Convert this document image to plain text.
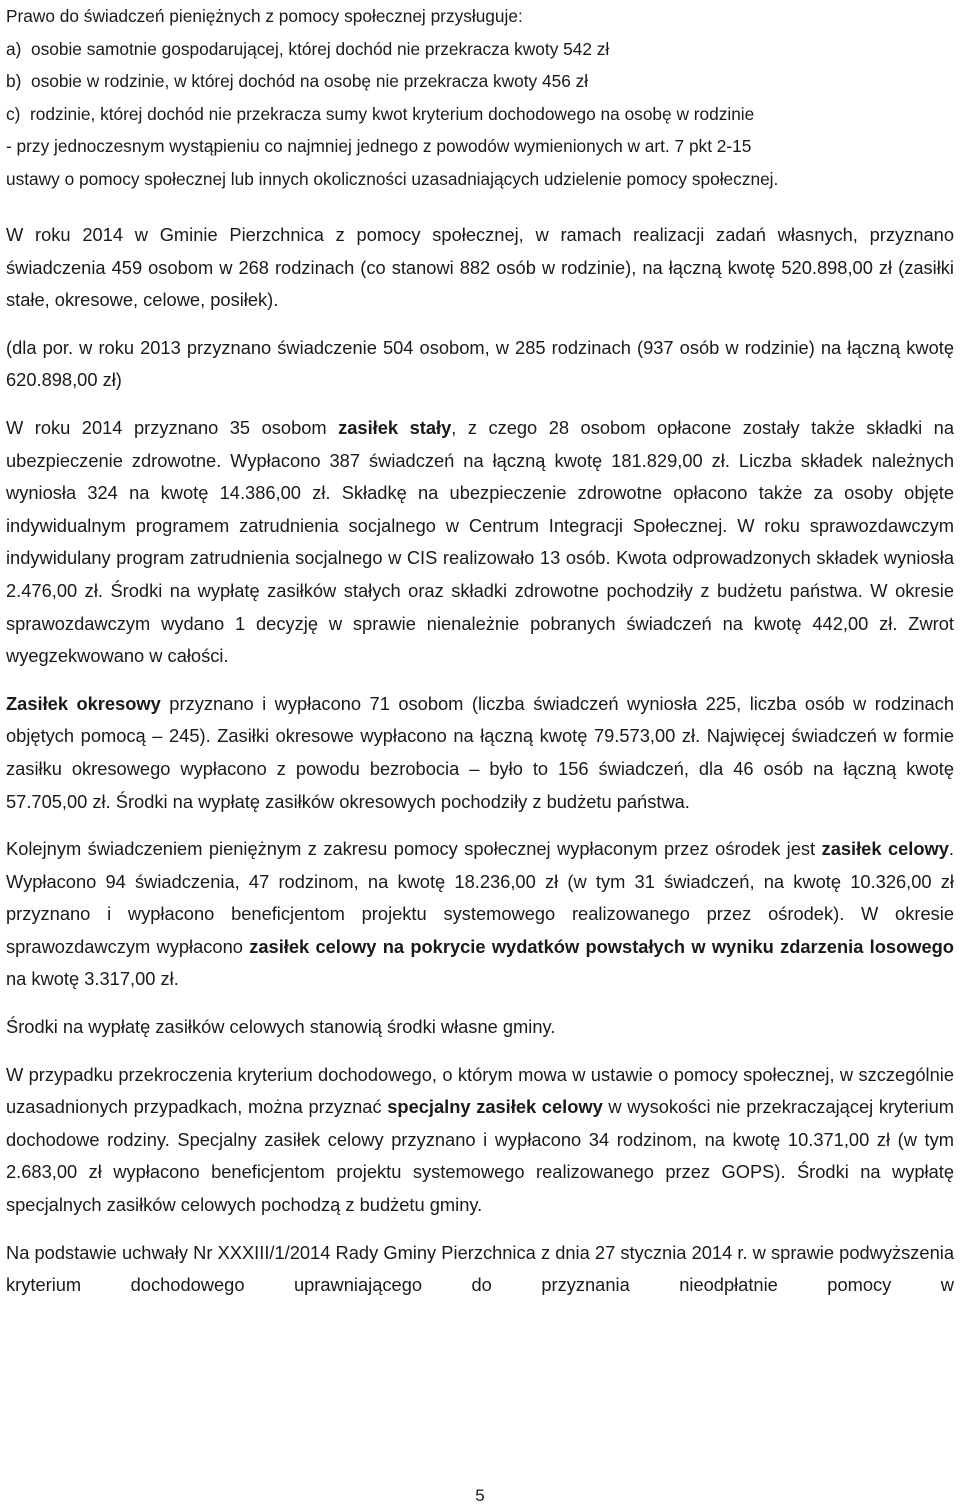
Prawo do świadczeń pieniężnych z pomocy społecznej przysługuje:

a)  osobie samotnie gospodarującej, której dochód nie przekracza kwoty 542 zł

b)  osobie w rodzinie, w której dochód na osobę nie przekracza kwoty 456 zł

c)  rodzinie, której dochód nie przekracza sumy kwot kryterium dochodowego na osobę w rodzinie

- przy jednoczesnym wystąpieniu co najmniej jednego z powodów wymienionych w art. 7 pkt 2-15

ustawy o pomocy społecznej lub innych okoliczności uzasadniających udzielenie pomocy społecznej.

W roku 2014 w Gminie Pierzchnica z pomocy społecznej, w ramach realizacji zadań własnych, przyznano świadczenia 459 osobom w 268 rodzinach (co stanowi 882 osób w rodzinie), na łączną kwotę 520.898,00 zł (zasiłki stałe, okresowe, celowe, posiłek).

(dla por. w roku 2013 przyznano świadczenie 504 osobom, w 285 rodzinach (937 osób w rodzinie) na łączną kwotę 620.898,00 zł)

W roku 2014 przyznano 35 osobom zasiłek stały, z czego 28 osobom opłacone zostały także składki na ubezpieczenie zdrowotne. Wypłacono 387 świadczeń na łączną kwotę 181.829,00 zł. Liczba składek należnych wyniosła 324 na kwotę 14.386,00 zł. Składkę na ubezpieczenie zdrowotne opłacono także za osoby objęte indywidualnym programem zatrudnienia socjalnego w Centrum Integracji Społecznej. W roku sprawozdawczym indywidulany program zatrudnienia socjalnego w CIS realizowało 13 osób. Kwota odprowadzonych składek wyniosła 2.476,00 zł. Środki na wypłatę zasiłków stałych oraz składki zdrowotne pochodziły z budżetu państwa. W okresie sprawozdawczym wydano 1 decyzję w sprawie nienależnie pobranych świadczeń na kwotę 442,00 zł. Zwrot wyegzekwowano w całości.

Zasiłek okresowy przyznano i wypłacono 71 osobom (liczba świadczeń wyniosła 225, liczba osób w rodzinach objętych pomocą – 245). Zasiłki okresowe wypłacono na łączną kwotę 79.573,00 zł. Najwięcej świadczeń w formie zasiłku okresowego wypłacono z powodu bezrobocia – było to 156 świadczeń, dla 46 osób na łączną kwotę 57.705,00 zł. Środki na wypłatę zasiłków okresowych pochodziły z budżetu państwa.

Kolejnym świadczeniem pieniężnym z zakresu pomocy społecznej wypłaconym przez ośrodek jest zasiłek celowy. Wypłacono 94 świadczenia, 47 rodzinom, na kwotę 18.236,00 zł (w tym 31 świadczeń, na kwotę 10.326,00 zł przyznano i wypłacono beneficjentom projektu systemowego realizowanego przez ośrodek). W okresie sprawozdawczym wypłacono zasiłek celowy na pokrycie wydatków powstałych w wyniku zdarzenia losowego na kwotę 3.317,00 zł.

Środki na wypłatę zasiłków celowych stanowią środki własne gminy.

W przypadku przekroczenia kryterium dochodowego, o którym mowa w ustawie o pomocy społecznej, w szczególnie uzasadnionych przypadkach, można przyznać specjalny zasiłek celowy w wysokości nie przekraczającej kryterium dochodowe rodziny. Specjalny zasiłek celowy przyznano i wypłacono 34 rodzinom, na kwotę 10.371,00 zł (w tym 2.683,00 zł wypłacono beneficjentom projektu systemowego realizowanego przez GOPS). Środki na wypłatę specjalnych zasiłków celowych pochodzą z budżetu gminy.

Na podstawie uchwały Nr XXXIII/1/2014 Rady Gminy Pierzchnica z dnia 27 stycznia 2014 r. w sprawie podwyższenia kryterium dochodowego uprawniającego do przyznania nieodpłatnie pomocy w

5
